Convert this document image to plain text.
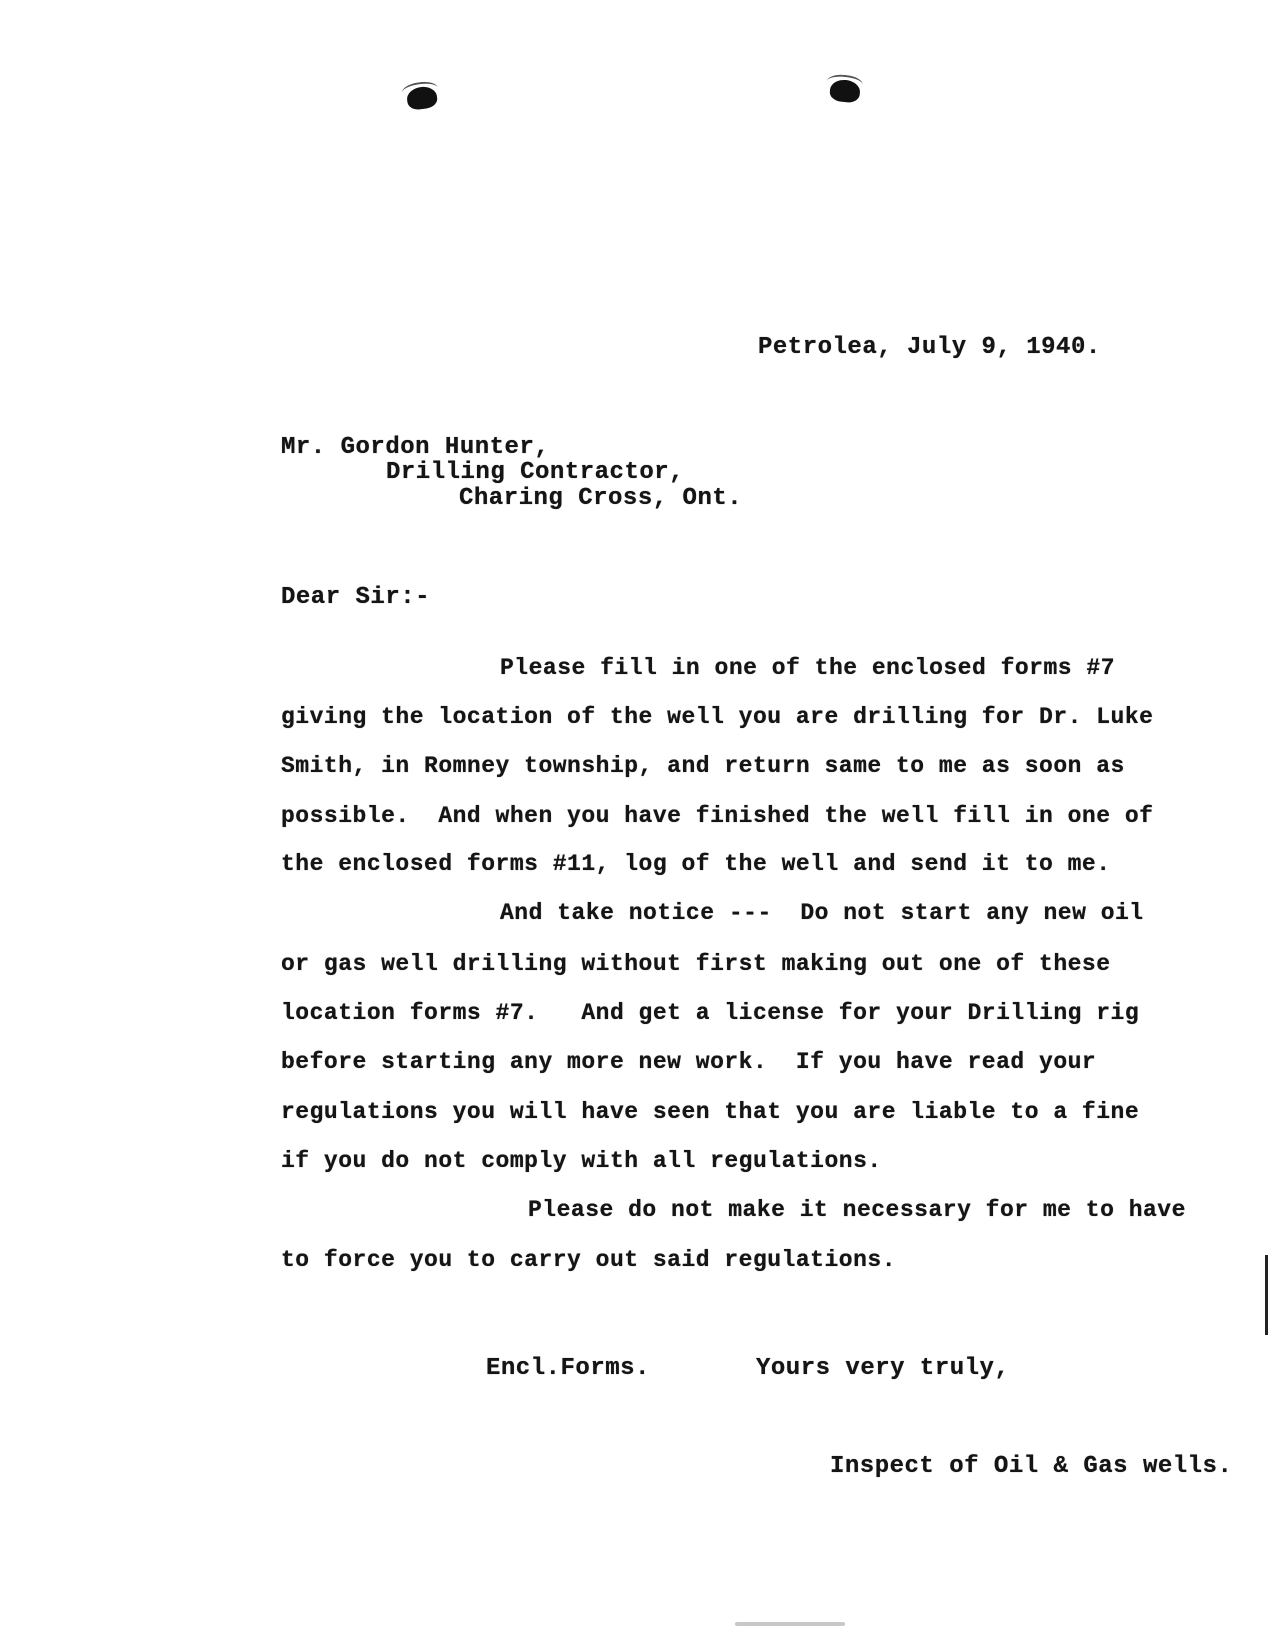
Petrolea, July 9, 1940.
Mr. Gordon Hunter,
Drilling Contractor,
Charing Cross, Ont.
Dear Sir:-
Please fill in one of the enclosed forms #7
giving the location of the well you are drilling for Dr. Luke
Smith, in Romney township, and return same to me as soon as
possible.  And when you have finished the well fill in one of
the enclosed forms #11, log of the well and send it to me.
And take notice ---  Do not start any new oil
or gas well drilling without first making out one of these
location forms #7.   And get a license for your Drilling rig
before starting any more new work.  If you have read your
regulations you will have seen that you are liable to a fine
if you do not comply with all regulations.
Please do not make it necessary for me to have
to force you to carry out said regulations.
Encl.Forms.	Yours very truly,
Inspect of Oil & Gas wells.
